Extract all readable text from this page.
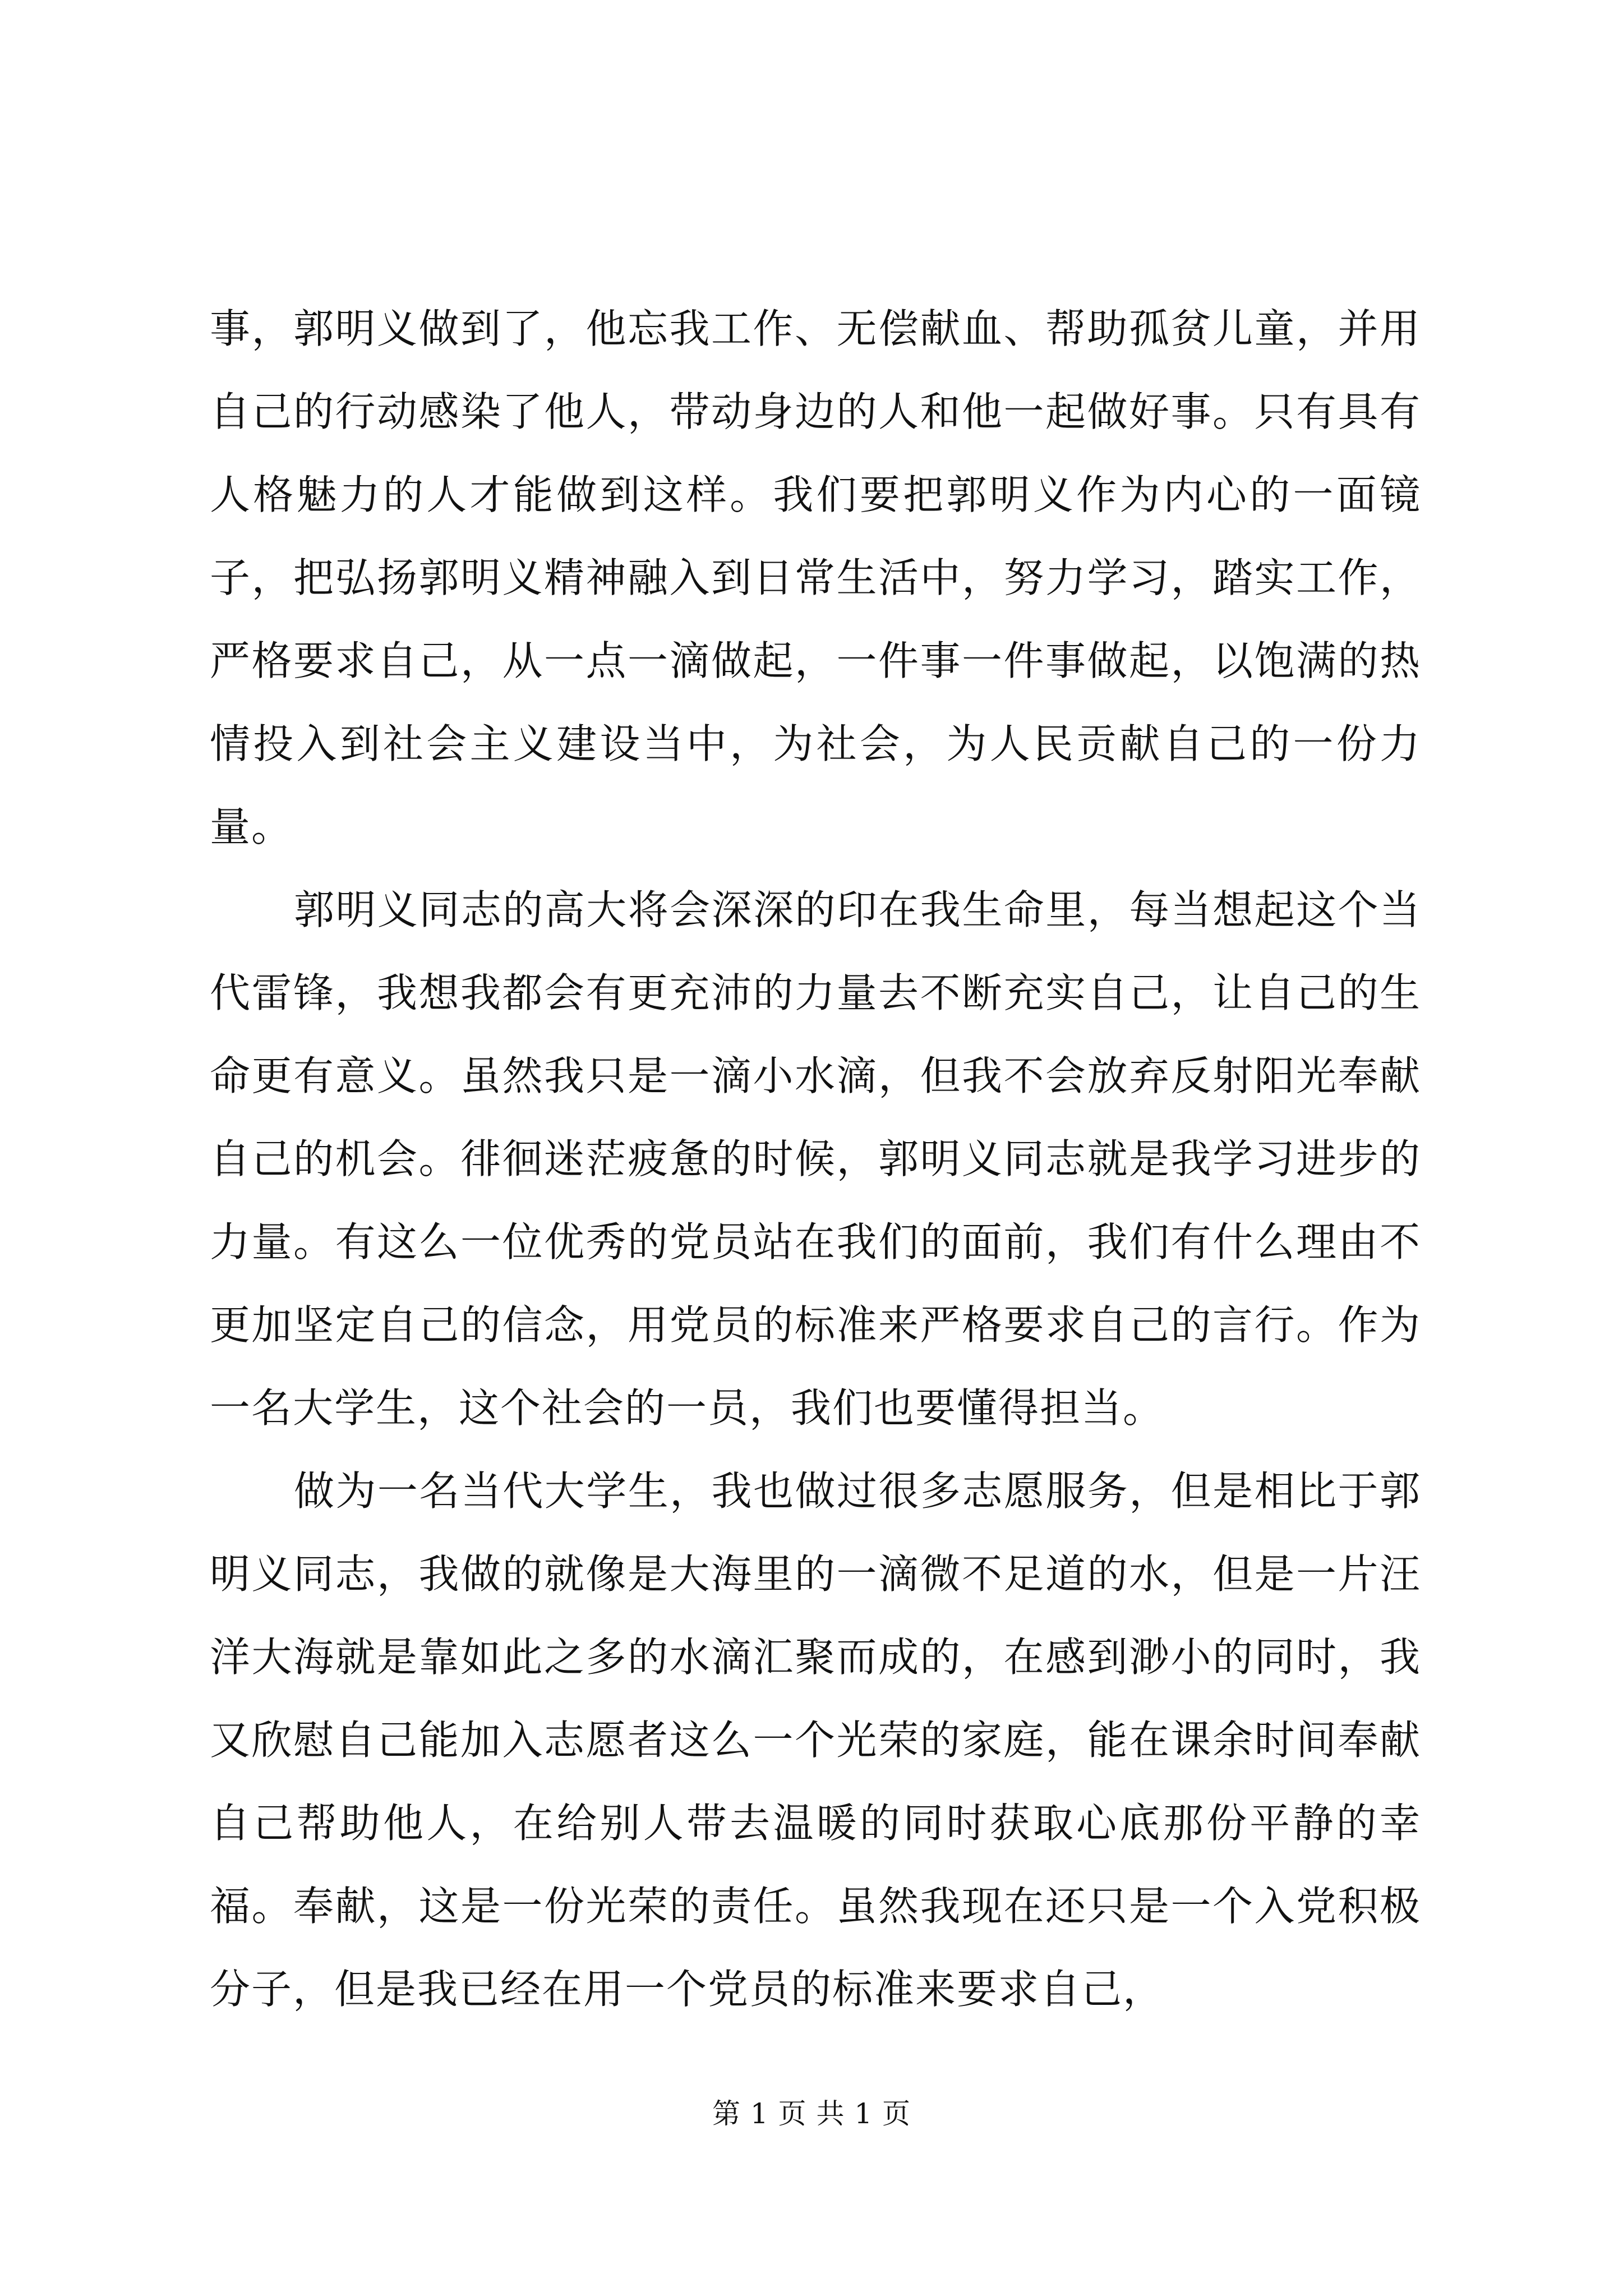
事，郭明义做到了，他忘我工作、无偿献血、帮助孤贫儿童，并用自己的行动感染了他人，带动身边的人和他一起做好事。只有具有人格魅力的人才能做到这样。我们要把郭明义作为内心的一面镜子，把弘扬郭明义精神融入到日常生活中，努力学习，踏实工作，严格要求自己，从一点一滴做起，一件事一件事做起，以饱满的热情投入到社会主义建设当中，为社会，为人民贡献自己的一份力量。

郭明义同志的高大将会深深的印在我生命里，每当想起这个当代雷锋，我想我都会有更充沛的力量去不断充实自己，让自己的生命更有意义。虽然我只是一滴小水滴，但我不会放弃反射阳光奉献自己的机会。徘徊迷茫疲惫的时候，郭明义同志就是我学习进步的力量。有这么一位优秀的党员站在我们的面前，我们有什么理由不更加坚定自己的信念，用党员的标准来严格要求自己的言行。作为一名大学生，这个社会的一员，我们也要懂得担当。

做为一名当代大学生，我也做过很多志愿服务，但是相比于郭明义同志，我做的就像是大海里的一滴微不足道的水，但是一片汪洋大海就是靠如此之多的水滴汇聚而成的，在感到渺小的同时，我又欣慰自己能加入志愿者这么一个光荣的家庭，能在课余时间奉献自己帮助他人，在给别人带去温暖的同时获取心底那份平静的幸福。奉献，这是一份光荣的责任。虽然我现在还只是一个入党积极分子，但是我已经在用一个党员的标准来要求自己，

第 1 页 共 1 页
